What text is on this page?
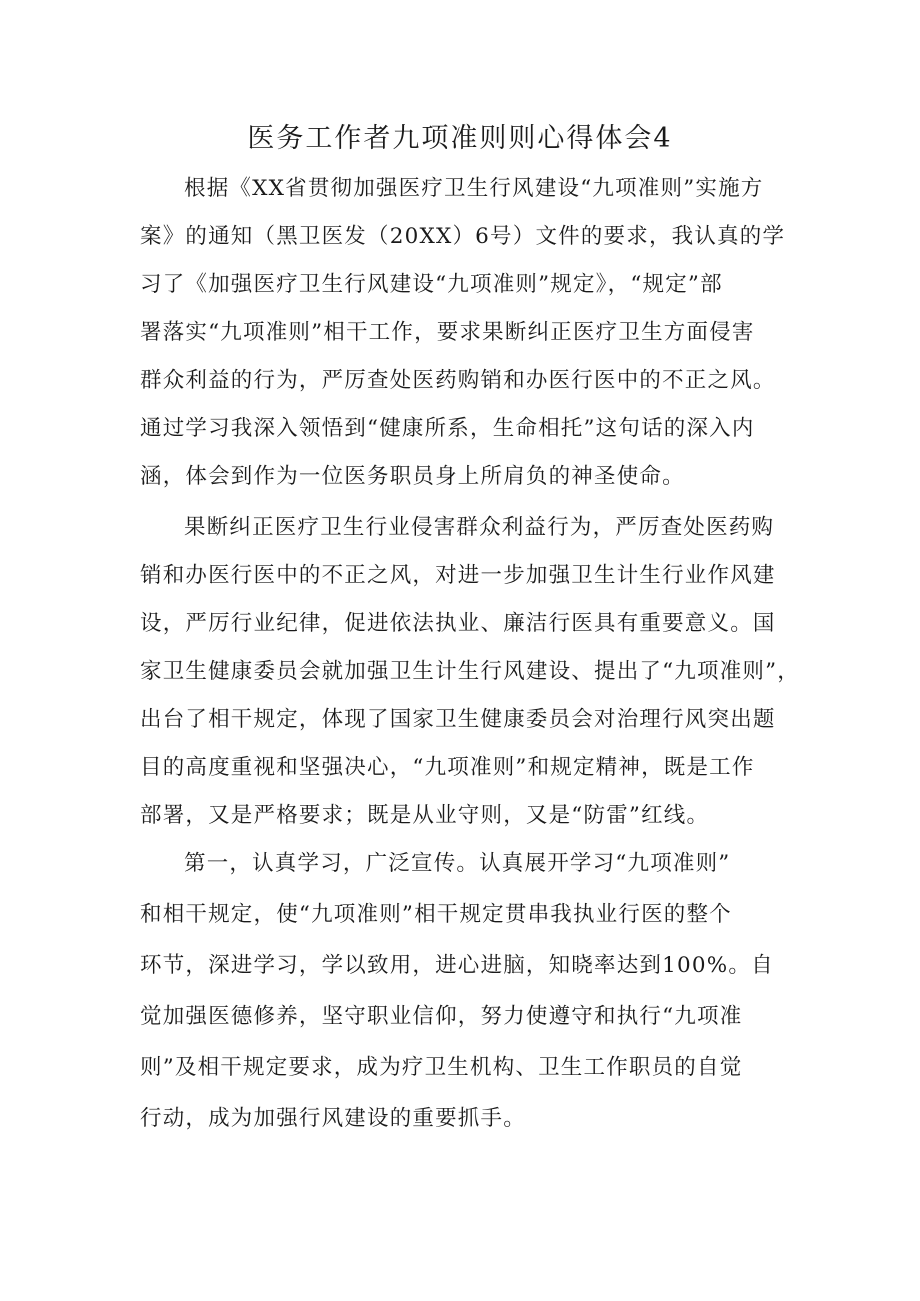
医务工作者九项准则则心得体会4
根据《XX省贯彻加强医疗卫生行风建设“九项准则”实施方
案》的通知（黑卫医发（20XX）6号）文件的要求，我认真的学
习了《加强医疗卫生行风建设“九项准则”规定》，“规定”部
署落实“九项准则”相干工作，要求果断纠正医疗卫生方面侵害
群众利益的行为，严厉查处医药购销和办医行医中的不正之风。
通过学习我深入领悟到“健康所系，生命相托”这句话的深入内
涵，体会到作为一位医务职员身上所肩负的神圣使命。
果断纠正医疗卫生行业侵害群众利益行为，严厉查处医药购
销和办医行医中的不正之风，对进一步加强卫生计生行业作风建
设，严厉行业纪律，促进依法执业、廉洁行医具有重要意义。国
家卫生健康委员会就加强卫生计生行风建设、提出了“九项准则”，
出台了相干规定，体现了国家卫生健康委员会对治理行风突出题
目的高度重视和坚强决心，“九项准则”和规定精神，既是工作
部署，又是严格要求；既是从业守则，又是“防雷”红线。
第一，认真学习，广泛宣传。认真展开学习“九项准则”
和相干规定，使“九项准则”相干规定贯串我执业行医的整个
环节，深进学习，学以致用，进心进脑，知晓率达到100%。自
觉加强医德修养，坚守职业信仰，努力使遵守和执行“九项准
则”及相干规定要求，成为疗卫生机构、卫生工作职员的自觉
行动，成为加强行风建设的重要抓手。
